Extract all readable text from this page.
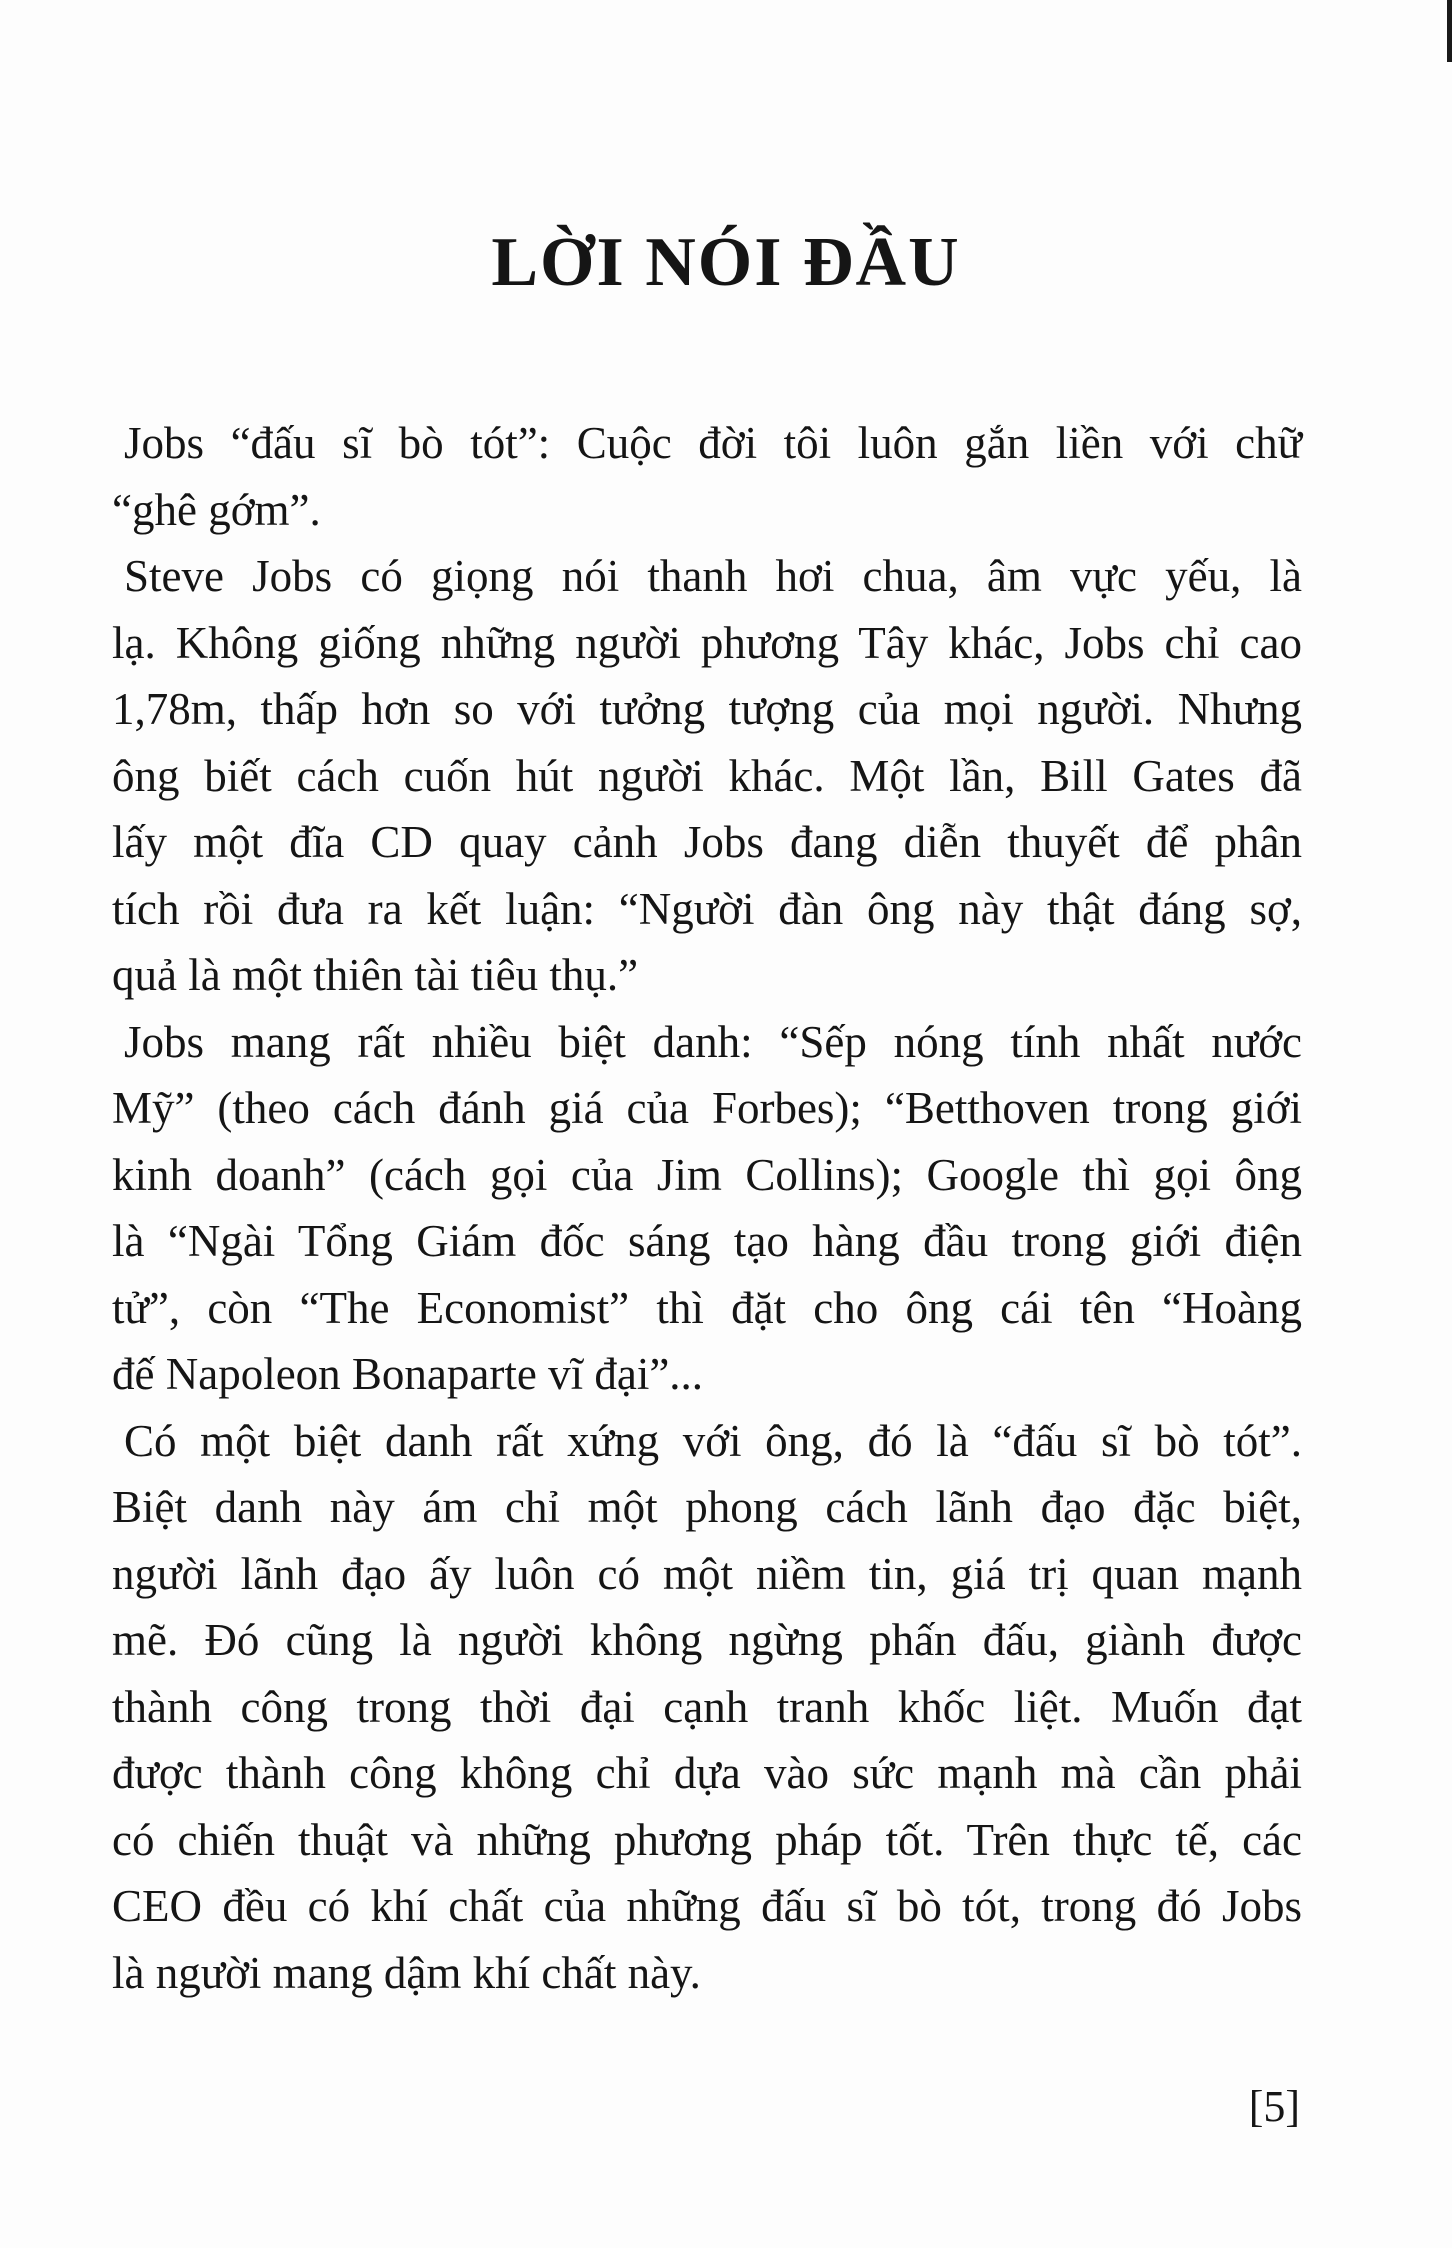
LỜI NÓI ĐẦU

Jobs “đấu sĩ bò tót”: Cuộc đời tôi luôn gắn liền với chữ
“ghê gớm”.

Steve Jobs có giọng nói thanh hơi chua, âm vực yếu, là
lạ. Không giống những người phương Tây khác, Jobs chỉ cao
1,78m, thấp hơn so với tưởng tượng của mọi người. Nhưng
ông biết cách cuốn hút người khác. Một lần, Bill Gates đã
lấy một đĩa CD quay cảnh Jobs đang diễn thuyết để phân
tích rồi đưa ra kết luận: “Người đàn ông này thật đáng sợ,
quả là một thiên tài tiêu thụ.”

Jobs mang rất nhiều biệt danh: “Sếp nóng tính nhất nước
Mỹ” (theo cách đánh giá của Forbes); “Betthoven trong giới
kinh doanh” (cách gọi của Jim Collins); Google thì gọi ông
là “Ngài Tổng Giám đốc sáng tạo hàng đầu trong giới điện
tử”, còn “The Economist” thì đặt cho ông cái tên “Hoàng
đế Napoleon Bonaparte vĩ đại”...

Có một biệt danh rất xứng với ông, đó là “đấu sĩ bò tót”.
Biệt danh này ám chỉ một phong cách lãnh đạo đặc biệt,
người lãnh đạo ấy luôn có một niềm tin, giá trị quan mạnh
mẽ. Đó cũng là người không ngừng phấn đấu, giành được
thành công trong thời đại cạnh tranh khốc liệt. Muốn đạt
được thành công không chỉ dựa vào sức mạnh mà cần phải
có chiến thuật và những phương pháp tốt. Trên thực tế, các
CEO đều có khí chất của những đấu sĩ bò tót, trong đó Jobs
là người mang dậm khí chất này.

[5]
